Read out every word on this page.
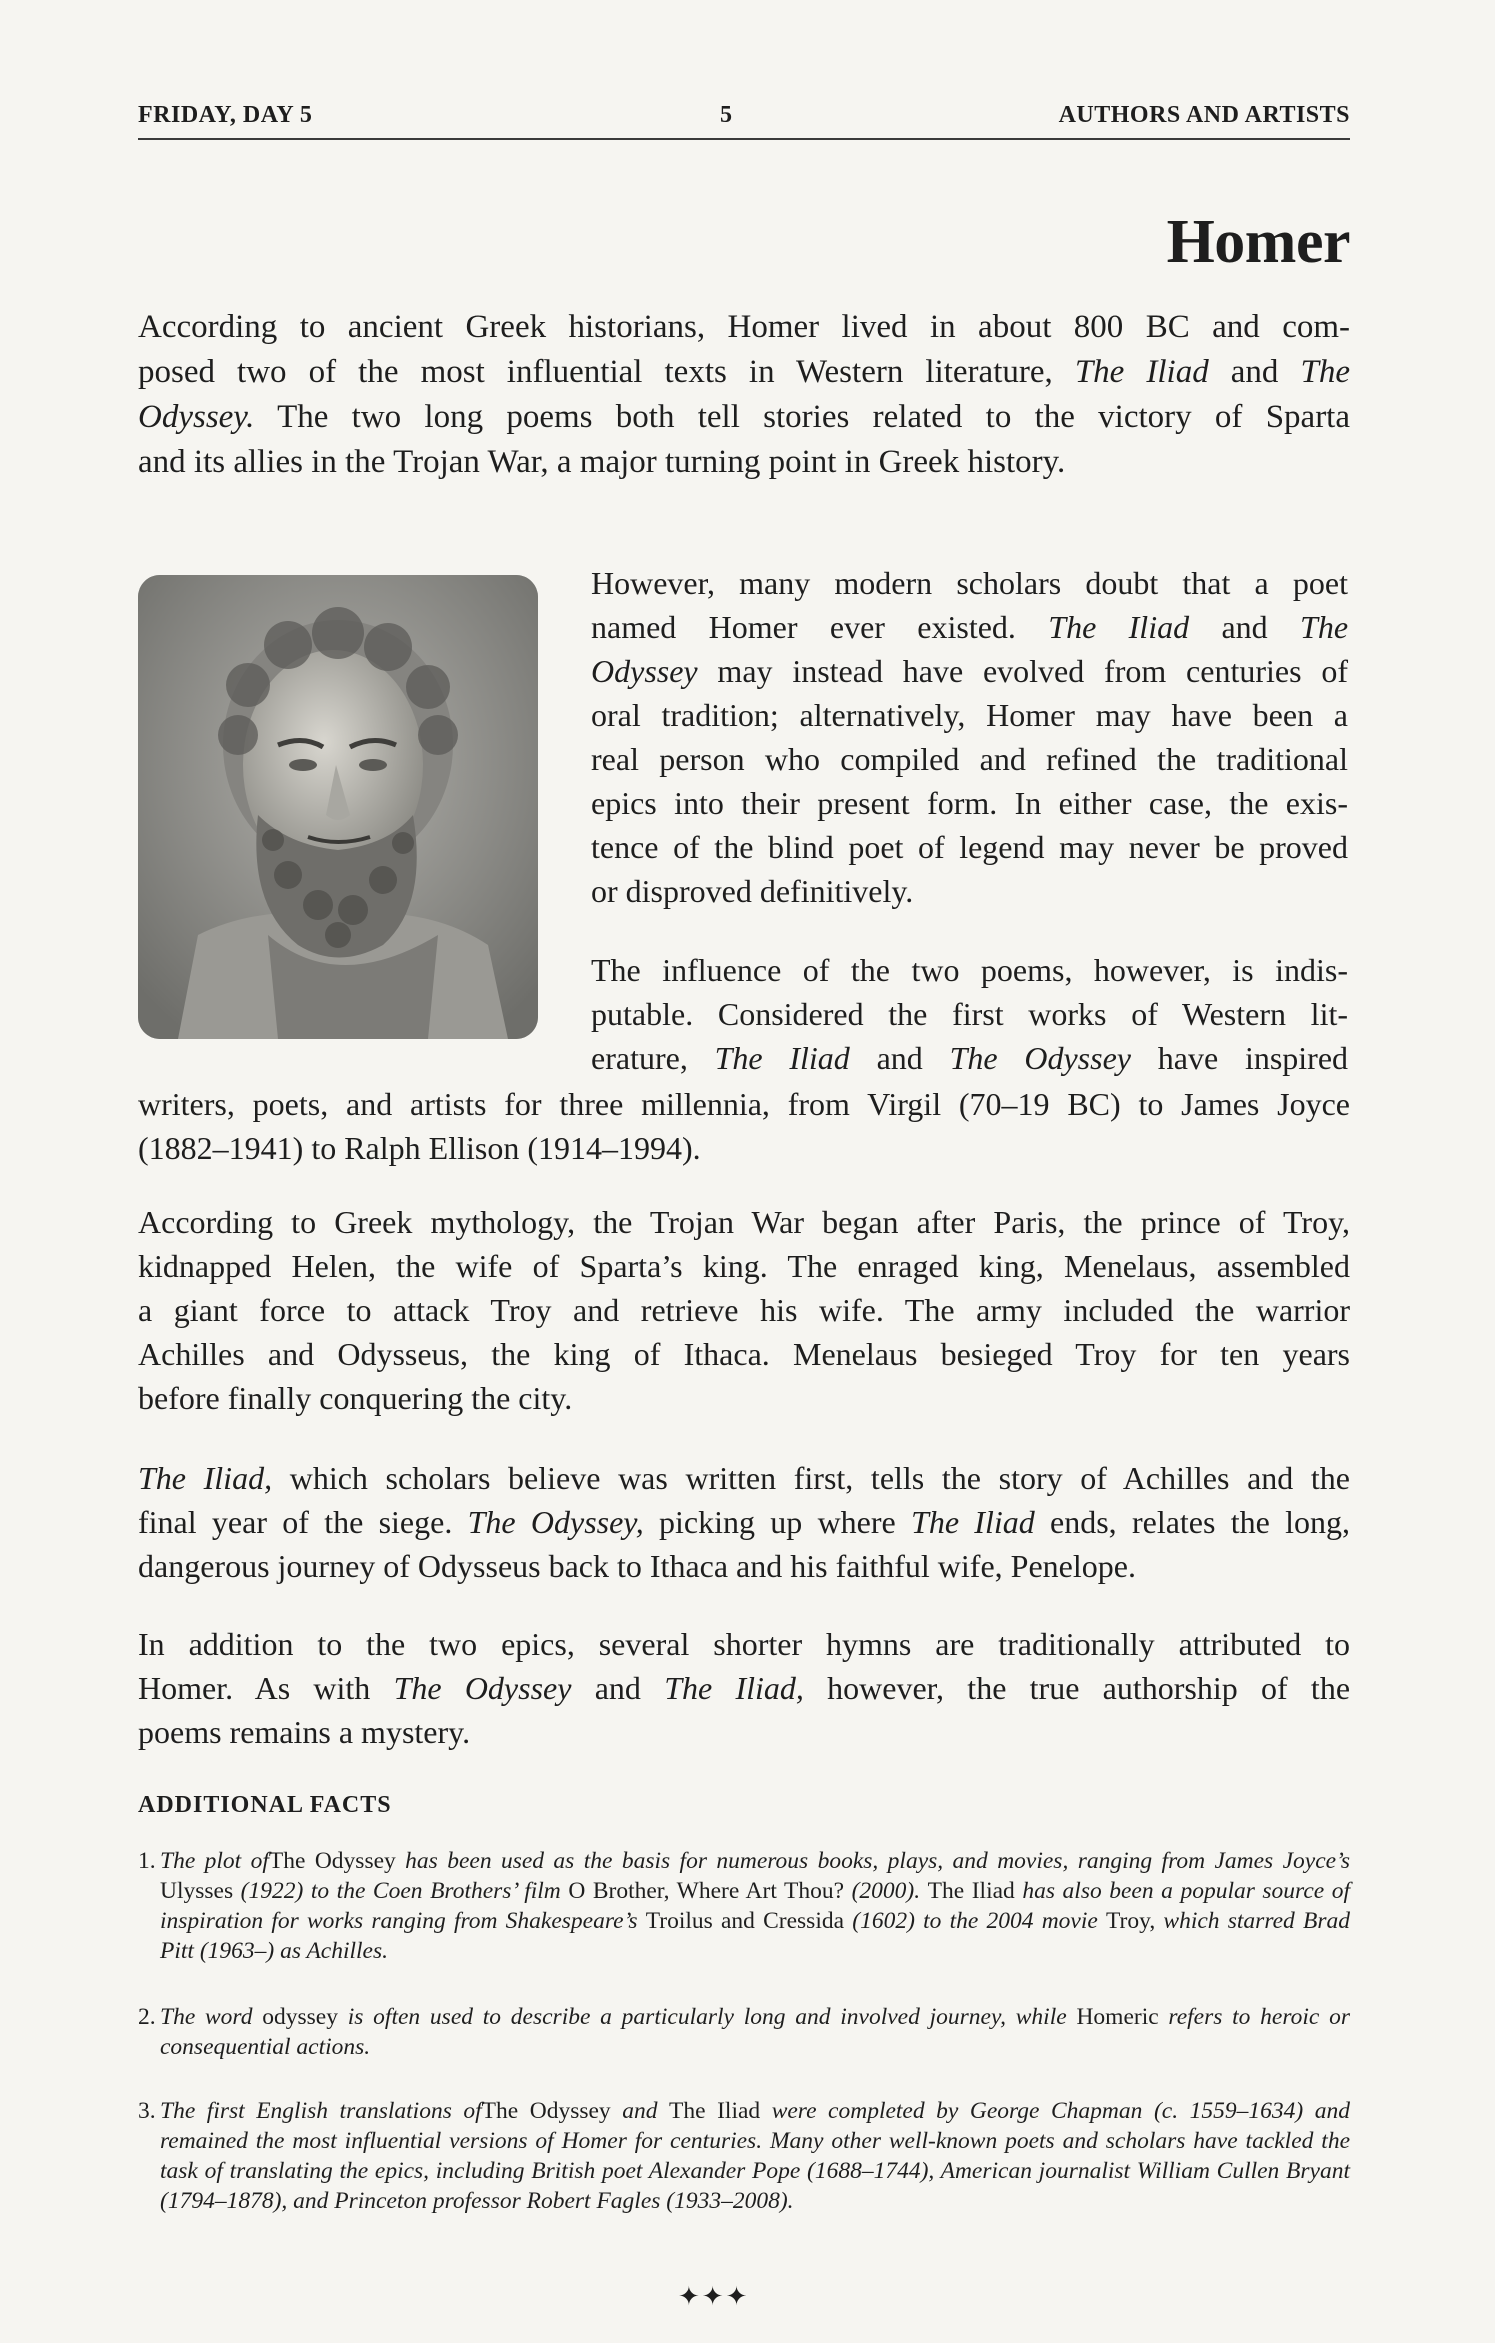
FRIDAY, DAY 5	5	AUTHORS AND ARTISTS
Homer
According to ancient Greek historians, Homer lived in about 800 BC and com-
posed two of the most influential texts in Western literature, The Iliad and The
Odyssey. The two long poems both tell stories related to the victory of Sparta
and its allies in the Trojan War, a major turning point in Greek history.
However, many modern scholars doubt that a poet
named Homer ever existed. The Iliad and The
Odyssey may instead have evolved from centuries of
oral tradition; alternatively, Homer may have been a
real person who compiled and refined the traditional
epics into their present form. In either case, the exis-
tence of the blind poet of legend may never be proved
or disproved definitively.
The influence of the two poems, however, is indis-
putable. Considered the first works of Western lit-
erature, The Iliad and The Odyssey have inspired
writers, poets, and artists for three millennia, from Virgil (70–19 BC) to James Joyce
(1882–1941) to Ralph Ellison (1914–1994).
According to Greek mythology, the Trojan War began after Paris, the prince of Troy,
kidnapped Helen, the wife of Sparta’s king. The enraged king, Menelaus, assembled
a giant force to attack Troy and retrieve his wife. The army included the warrior
Achilles and Odysseus, the king of Ithaca. Menelaus besieged Troy for ten years
before finally conquering the city.
The Iliad, which scholars believe was written first, tells the story of Achilles and the
final year of the siege. The Odyssey, picking up where The Iliad ends, relates the long,
dangerous journey of Odysseus back to Ithaca and his faithful wife, Penelope.
In addition to the two epics, several shorter hymns are traditionally attributed to
Homer. As with The Odyssey and The Iliad, however, the true authorship of the
poems remains a mystery.
ADDITIONAL FACTS
1. The plot ofThe Odyssey has been used as the basis for numerous books, plays, and movies, ranging from James Joyce’s Ulysses (1922) to the Coen Brothers’ film O Brother, Where Art Thou? (2000). The Iliad has also been a popular source of inspiration for works ranging from Shakespeare’s Troilus and Cressida (1602) to the 2004 movie Troy, which starred Brad Pitt (1963–) as Achilles.
2. The word odyssey is often used to describe a particularly long and involved journey, while Homeric refers to heroic or consequential actions.
3. The first English translations ofThe Odyssey and The Iliad were completed by George Chapman (c. 1559–1634) and remained the most influential versions of Homer for centuries. Many other well-known poets and scholars have tackled the task of translating the epics, including British poet Alexander Pope (1688–1744), American journalist William Cullen Bryant (1794–1878), and Princeton professor Robert Fagles (1933–2008).
✦✦✦
